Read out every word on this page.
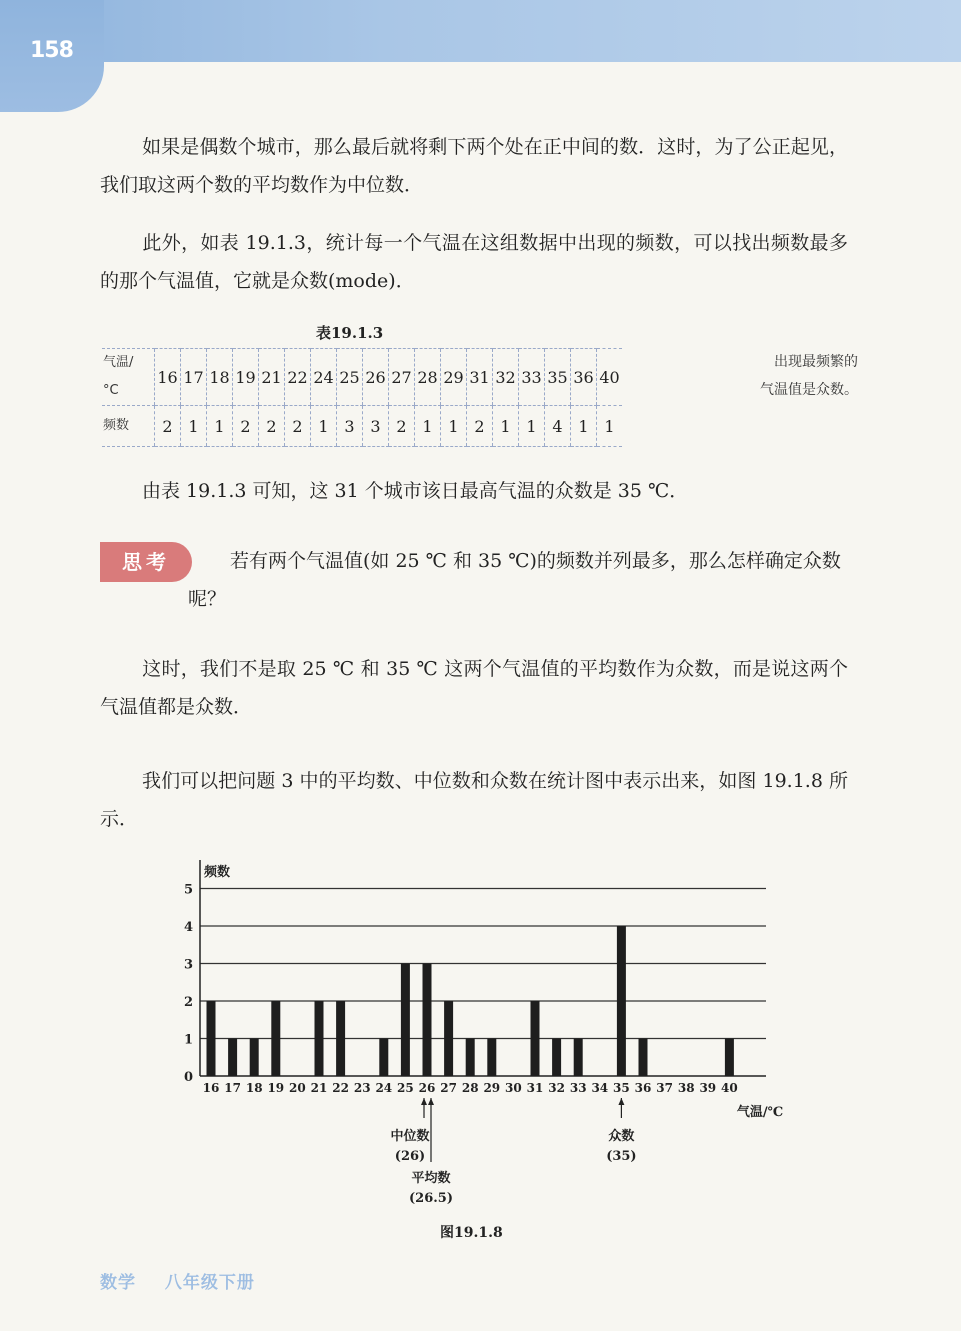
158

如果是偶数个城市，那么最后就将剩下两个处在正中间的数．这时，为了公正起见，我们取这两个数的平均数作为中位数．

此外，如表 19.1.3，统计每一个气温在这组数据中出现的频数，可以找出频数最多的那个气温值，它就是众数(mode)．

表19.1.3
气温/
°C	16	17	18	19	21	22	24	25	26	27	28	29	31	32	33	35	36	40
频数	2	1	1	2	2	2	1	3	3	2	1	1	2	1	1	4	1	1
出现最频繁的
气温值是众数。

由表 19.1.3 可知，这 31 个城市该日最高气温的众数是 35 ℃．

思考	若有两个气温值(如 25 ℃ 和 35 ℃)的频数并列最多，那么怎样确定众数呢？

这时，我们不是取 25 ℃ 和 35 ℃ 这两个气温值的平均数作为众数，而是说这两个气温值都是众数．

我们可以把问题 3 中的平均数、中位数和众数在统计图中表示出来，如图 19.1.8 所示．

0
1
2
3
4
5
频数
16 17 18 19 20 21 22 23 24 25 26 27 28 29 30 31 32 33 34 35 36 37 38 39 40
气温/℃
中位数
(26)
平均数
(26.5)
众数
(35)
图19.1.8
数学 八年级下册
